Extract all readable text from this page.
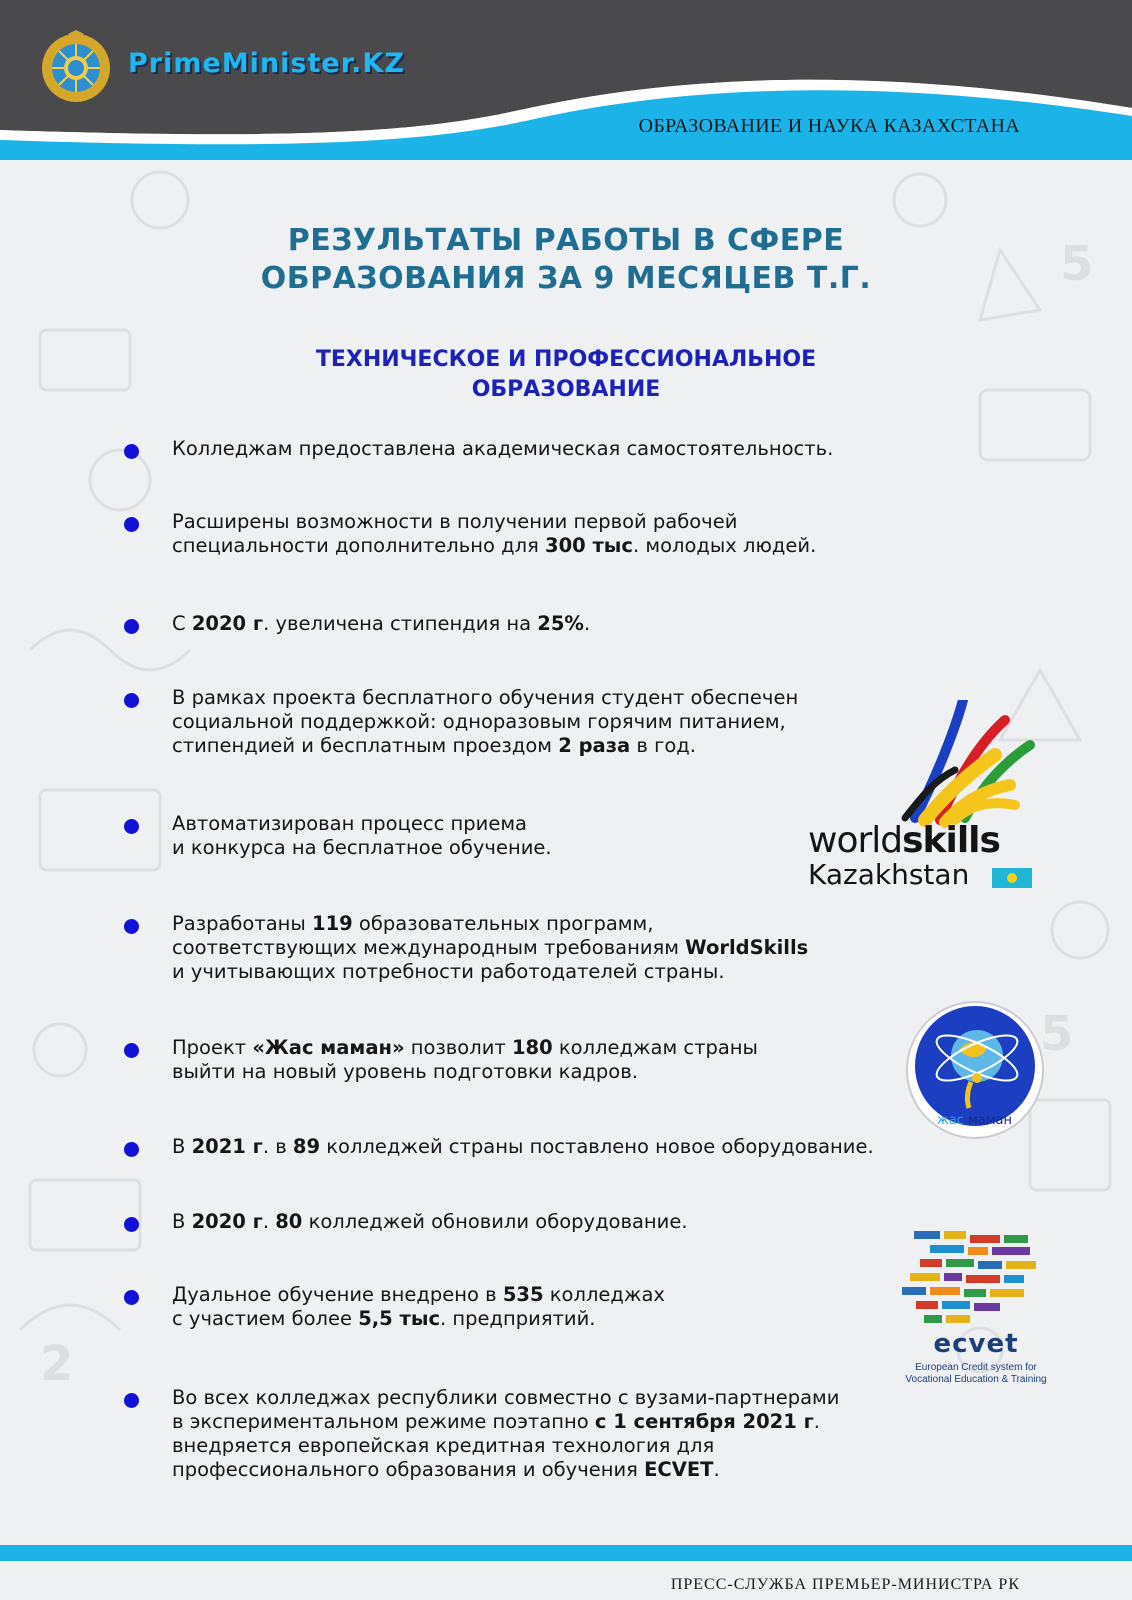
5
5
2
PrimeMinister.KZ
ОБРАЗОВАНИЕ И НАУКА КАЗАХСТАНА
РЕЗУЛЬТАТЫ РАБОТЫ В СФЕРЕ
ОБРАЗОВАНИЯ ЗА 9 МЕСЯЦЕВ Т.Г.
ТЕХНИЧЕСКОЕ И ПРОФЕССИОНАЛЬНОЕ
ОБРАЗОВАНИЕ
Колледжам предоставлена академическая самостоятельность.
Расширены возможности в получении первой рабочей
специальности дополнительно для 300 тыс. молодых людей.
С 2020 г. увеличена стипендия на 25%.
В рамках проекта бесплатного обучения студент обеспечен
социальной поддержкой: одноразовым горячим питанием,
стипендией и бесплатным проездом 2 раза в год.
Автоматизирован процесс приема
и конкурса на бесплатное обучение.
Разработаны 119 образовательных программ,
соответствующих международным требованиям WorldSkills
и учитывающих потребности работодателей страны.
Проект «Жас маман» позволит 180 колледжам страны
выйти на новый уровень подготовки кадров.
В 2021 г. в 89 колледжей страны поставлено новое оборудование.
В 2020 г. 80 колледжей обновили оборудование.
Дуальное обучение внедрено в 535 колледжах
с участием более 5,5 тыс. предприятий.
Во всех колледжах республики совместно с вузами-партнерами
в экспериментальном режиме поэтапно с 1 сентября 2021 г.
внедряется европейская кредитная технология для
профессионального образования и обучения ECVET.
worldskills
Kazakhstan
жас маман
ecvet
European Credit system for
Vocational Education & Training
ПРЕСС-СЛУЖБА ПРЕМЬЕР-МИНИСТРА РК
